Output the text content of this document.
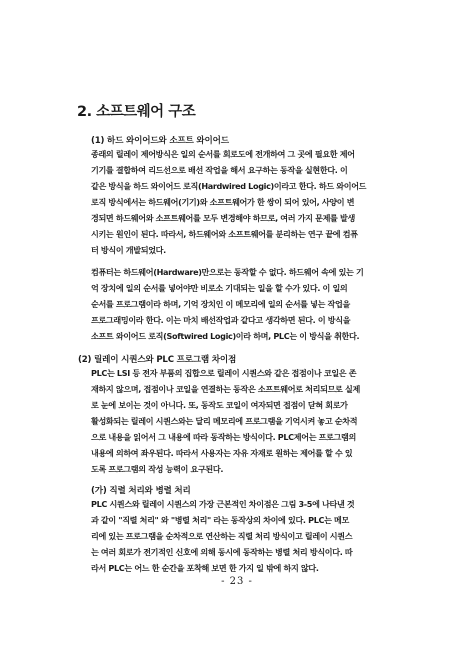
2. 소프트웨어 구조
(1) 하드 와이어드와 소프트 와이어드
종래의 릴레이 제어방식은 일의 순서를 회로도에 전개하여 그 곳에 필요한 제어
기기를 결합하여 리드선으로 배선 작업을 해서 요구하는 동작을 실현한다. 이
같은 방식을 하드 와이어드 로직(Hardwired Logic)이라고 한다. 하드 와이어드
로직 방식에서는 하드웨어(기기)와 소프트웨어가 한 쌍이 되어 있어, 사양이 변
경되면 하드웨어와 소프트웨어를 모두 변경해야 하므로, 여러 가지 문제를 발생
시키는 원인이 된다. 따라서, 하드웨어와 소프트웨어를 분리하는 연구 끝에 컴퓨
터 방식이 개발되었다.
컴퓨터는 하드웨어(Hardware)만으로는 동작할 수 없다. 하드웨어 속에 있는 기
억 장치에 일의 순서를 넣어야만 비로소 기대되는 일을 할 수가 있다. 이 일의
순서를 프로그램이라 하며, 기억 장치인 이 메모리에 일의 순서를 넣는 작업을
프로그래밍이라 한다. 이는 마치 배선작업과 같다고 생각하면 된다. 이 방식을
소프트 와이어드 로직(Softwired Logic)이라 하며, PLC는 이 방식을 취한다.
(2) 릴레이 시퀀스와 PLC 프로그램 차이점
PLC는 LSI 등 전자 부품의 집합으로 릴레이 시퀀스와 같은 접점이나 코일은 존
재하지 않으며, 접점이나 코일을 연결하는 동작은 소프트웨어로 처리되므로 실제
로 눈에 보이는 것이 아니다. 또, 동작도 코일이 여자되면 접점이 닫혀 회로가
활성화되는 릴레이 시퀀스와는 달리 메모리에 프로그램을 기억시켜 놓고 순차적
으로 내용을 읽어서 그 내용에 따라 동작하는 방식이다. PLC제어는 프로그램의
내용에 의하여 좌우된다. 따라서 사용자는 자유 자재로 원하는 제어를 할 수 있
도록 프로그램의 작성 능력이 요구된다.
(가) 직렬 처리와 병렬 처리
PLC 시퀀스와 릴레이 시퀀스의 가장 근본적인 차이점은 그림 3-5에 나타낸 것
과 같이 "직렬 처리" 와 "병렬 처리" 라는 동작상의 차이에 있다. PLC는 메모
리에 있는 프로그램을 순차적으로 연산하는 직렬 처리 방식이고 릴레이 시퀀스
는 여러 회로가 전기적인 신호에 의해 동시에 동작하는 병렬 처리 방식이다. 따
라서 PLC는 어느 한 순간을 포착해 보면 한 가지 일 밖에 하지 않다.
- 23 -
